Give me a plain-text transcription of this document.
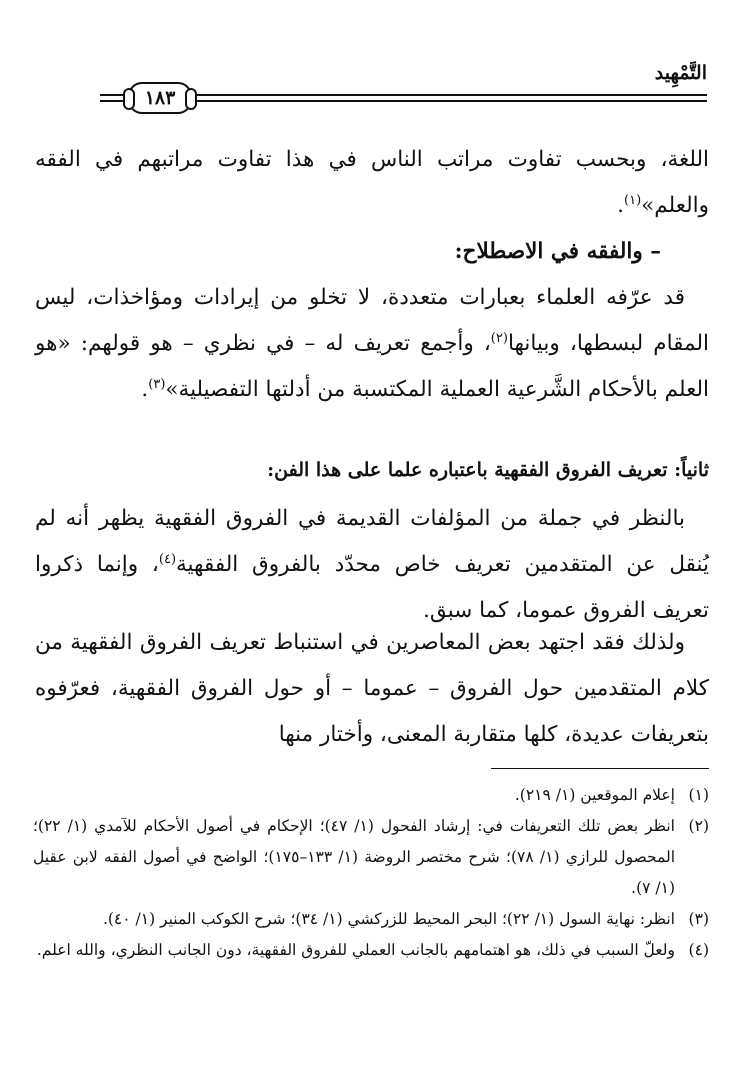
التَّمْهِيد
١٨٣

اللغة، وبحسب تفاوت مراتب الناس في هذا تفاوت مراتبهم في الفقه والعلم»$^{(١)}$.

– والفقه في الاصطلاح:

قد عرّفه العلماء بعبارات متعددة، لا تخلو من إيرادات ومؤاخذات، ليس المقام لبسطها، وبيانها$^{(٢)}$، وأجمع تعريف له – في نظري – هو قولهم: «هو العلم بالأحكام الشَّرعية العملية المكتسبة من أدلتها التفصيلية»$^{(٣)}$.

ثانياً: تعريف الفروق الفقهية باعتباره علما على هذا الفن:

بالنظر في جملة من المؤلفات القديمة في الفروق الفقهية يظهر أنه لم يُنقل عن المتقدمين تعريف خاص محدّد بالفروق الفقهية$^{(٤)}$، وإنما ذكروا تعريف الفروق عموما، كما سبق.

ولذلك فقد اجتهد بعض المعاصرين في استنباط تعريف الفروق الفقهية من كلام المتقدمين حول الفروق – عموما – أو حول الفروق الفقهية، فعرّفوه بتعريفات عديدة، كلها متقاربة المعنى، وأختار منها

(١)
إعلام الموقعين (١/ ٢١٩).
(٢)
انظر بعض تلك التعريفات في: إرشاد الفحول (١/ ٤٧)؛ الإحكام في أصول الأحكام للآمدي (١/ ٢٢)؛ المحصول للرازي (١/ ٧٨)؛ شرح مختصر الروضة (١/ ١٣٣–١٧٥)؛ الواضح في أصول الفقه لابن عقيل (١/ ٧).
(٣)
انظر: نهاية السول (١/ ٢٢)؛ البحر المحيط للزركشي (١/ ٣٤)؛ شرح الكوكب المنير (١/ ٤٠).
(٤)
ولعلّ السبب في ذلك، هو اهتمامهم بالجانب العملي للفروق الفقهية، دون الجانب النظري، والله اعلم.
